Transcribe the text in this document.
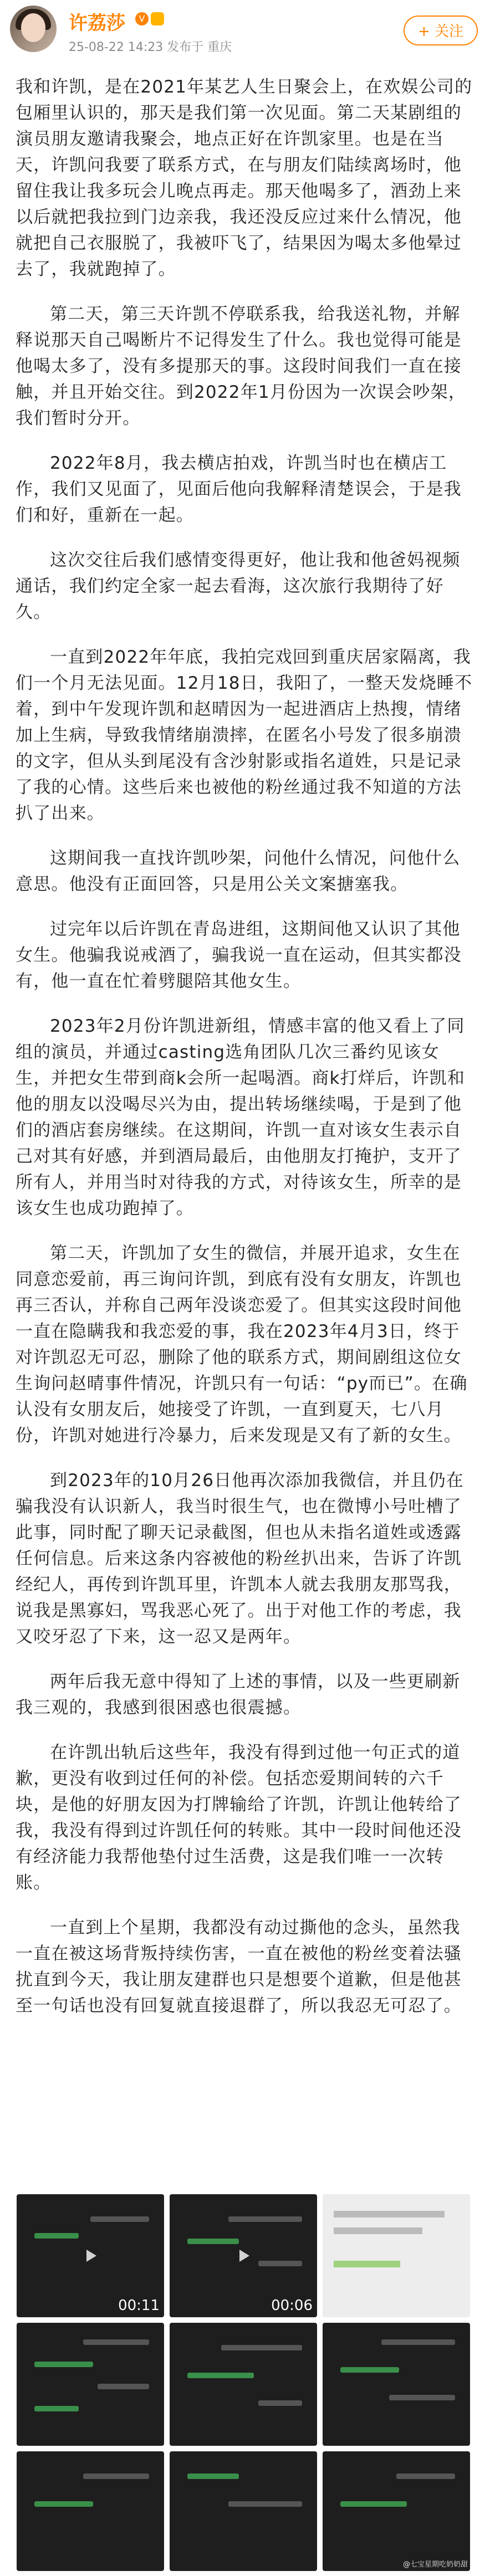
许荔莎	V
25-08-22 14:23 发布于 重庆
+ 关注

我和许凯，是在2021年某艺人生日聚会上，在欢娱公司的包厢里认识的，那天是我们第一次见面。第二天某剧组的演员朋友邀请我聚会，地点正好在许凯家里。也是在当天，许凯问我要了联系方式，在与朋友们陆续离场时，他留住我让我多玩会儿晚点再走。那天他喝多了，酒劲上来以后就把我拉到门边亲我，我还没反应过来什么情况，他就把自己衣服脱了，我被吓飞了，结果因为喝太多他晕过去了，我就跑掉了。

第二天，第三天许凯不停联系我，给我送礼物，并解释说那天自己喝断片不记得发生了什么。我也觉得可能是他喝太多了，没有多提那天的事。这段时间我们一直在接触，并且开始交往。到2022年1月份因为一次误会吵架，我们暂时分开。

2022年8月，我去横店拍戏，许凯当时也在横店工作，我们又见面了，见面后他向我解释清楚误会，于是我们和好，重新在一起。

这次交往后我们感情变得更好，他让我和他爸妈视频通话，我们约定全家一起去看海，这次旅行我期待了好久。

一直到2022年年底，我拍完戏回到重庆居家隔离，我们一个月无法见面。12月18日，我阳了，一整天发烧睡不着，到中午发现许凯和赵晴因为一起进酒店上热搜，情绪加上生病，导致我情绪崩溃摔，在匿名小号发了很多崩溃的文字，但从头到尾没有含沙射影或指名道姓，只是记录了我的心情。这些后来也被他的粉丝通过我不知道的方法扒了出来。

这期间我一直找许凯吵架，问他什么情况，问他什么意思。他没有正面回答，只是用公关文案搪塞我。

过完年以后许凯在青岛进组，这期间他又认识了其他女生。他骗我说戒酒了，骗我说一直在运动，但其实都没有，他一直在忙着劈腿陪其他女生。

2023年2月份许凯进新组，情感丰富的他又看上了同组的演员，并通过casting选角团队几次三番约见该女生，并把女生带到商k会所一起喝酒。商k打烊后，许凯和他的朋友以没喝尽兴为由，提出转场继续喝，于是到了他们的酒店套房继续。在这期间，许凯一直对该女生表示自己对其有好感，并到酒局最后，由他朋友打掩护，支开了所有人，并用当时对待我的方式，对待该女生，所幸的是该女生也成功跑掉了。

第二天，许凯加了女生的微信，并展开追求，女生在同意恋爱前，再三询问许凯，到底有没有女朋友，许凯也再三否认，并称自己两年没谈恋爱了。但其实这段时间他一直在隐瞒我和我恋爱的事，我在2023年4月3日，终于对许凯忍无可忍，删除了他的联系方式，期间剧组这位女生询问赵晴事件情况，许凯只有一句话：“py而已”。在确认没有女朋友后，她接受了许凯，一直到夏天，七八月份，许凯对她进行冷暴力，后来发现是又有了新的女生。

到2023年的10月26日他再次添加我微信，并且仍在骗我没有认识新人，我当时很生气，也在微博小号吐槽了此事，同时配了聊天记录截图，但也从未指名道姓或透露任何信息。后来这条内容被他的粉丝扒出来，告诉了许凯经纪人，再传到许凯耳里，许凯本人就去我朋友那骂我，说我是黑寡妇，骂我恶心死了。出于对他工作的考虑，我又咬牙忍了下来，这一忍又是两年。

两年后我无意中得知了上述的事情，以及一些更刷新我三观的，我感到很困惑也很震撼。

在许凯出轨后这些年，我没有得到过他一句正式的道歉，更没有收到过任何的补偿。包括恋爱期间转的六千块，是他的好朋友因为打牌输给了许凯，许凯让他转给了我，我没有得到过许凯任何的转账。其中一段时间他还没有经济能力我帮他垫付过生活费，这是我们唯一一次转账。

一直到上个星期，我都没有动过撕他的念头，虽然我一直在被这场背叛持续伤害，一直在被他的粉丝变着法骚扰直到今天，我让朋友建群也只是想要个道歉，但是他甚至一句话也没有回复就直接退群了，所以我忍无可忍了。

00:11	00:06
@七宝星期吃奶奶甜
